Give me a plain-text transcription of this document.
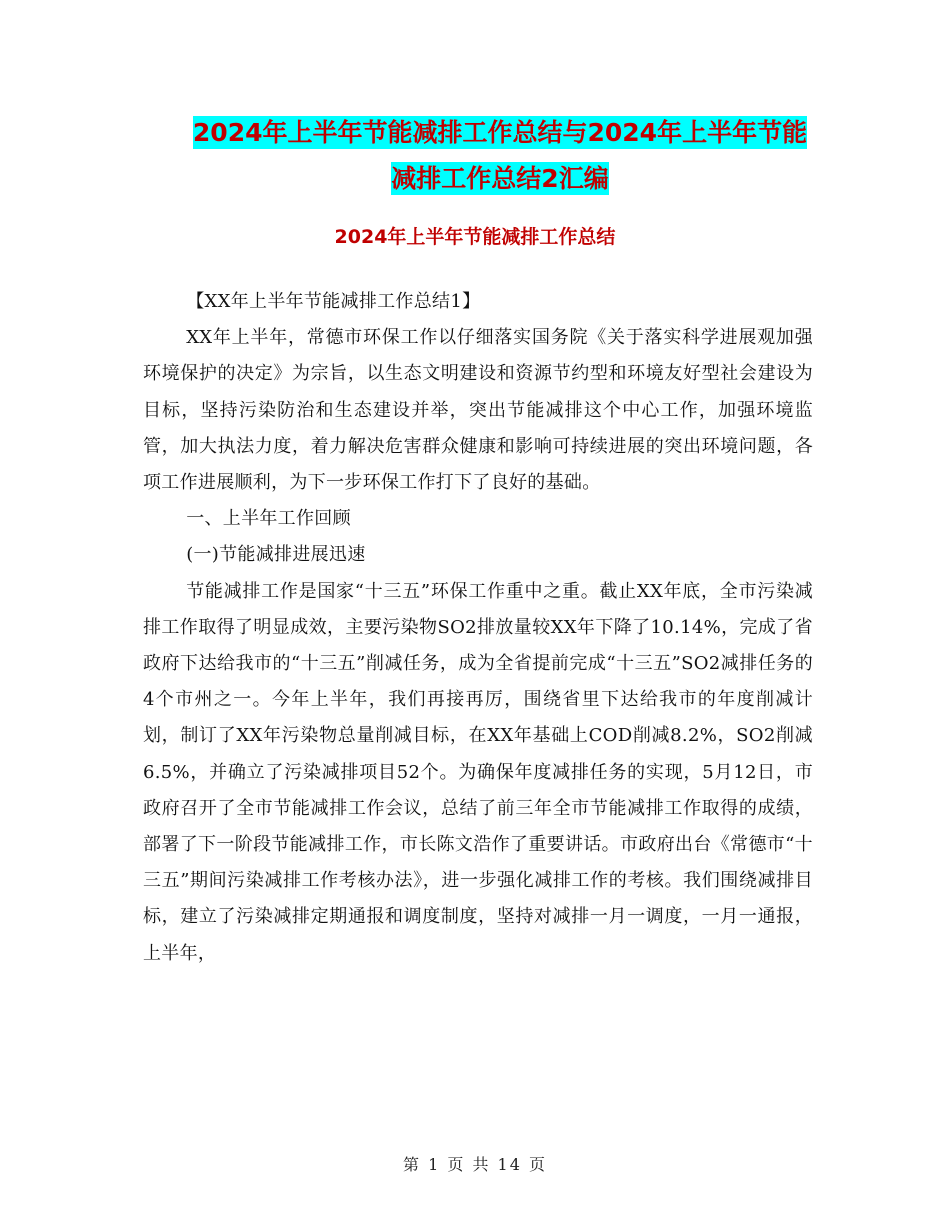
2024年上半年节能减排工作总结与2024年上半年节能
减排工作总结2汇编
2024年上半年节能减排工作总结

【XX年上半年节能减排工作总结1】

XX年上半年，常德市环保工作以仔细落实国务院《关于落实科学进展观加强环境保护的决定》为宗旨，以生态文明建设和资源节约型和环境友好型社会建设为目标，坚持污染防治和生态建设并举，突出节能减排这个中心工作，加强环境监管，加大执法力度，着力解决危害群众健康和影响可持续进展的突出环境问题，各项工作进展顺利，为下一步环保工作打下了良好的基础。

一、上半年工作回顾

(一)节能减排进展迅速

节能减排工作是国家“十三五”环保工作重中之重。截止XX年底，全市污染减排工作取得了明显成效，主要污染物SO2排放量较XX年下降了10.14%，完成了省政府下达给我市的“十三五”削减任务，成为全省提前完成“十三五”SO2减排任务的4个市州之一。今年上半年，我们再接再厉，围绕省里下达给我市的年度削减计划，制订了XX年污染物总量削减目标，在XX年基础上COD削减8.2%，SO2削减6.5%，并确立了污染减排项目52个。为确保年度减排任务的实现，5月12日，市政府召开了全市节能减排工作会议，总结了前三年全市节能减排工作取得的成绩，部署了下一阶段节能减排工作，市长陈文浩作了重要讲话。市政府出台《常德市“十三五”期间污染减排工作考核办法》，进一步强化减排工作的考核。我们围绕减排目标，建立了污染减排定期通报和调度制度，坚持对减排一月一调度，一月一通报，上半年，

第 1 页 共 14 页
